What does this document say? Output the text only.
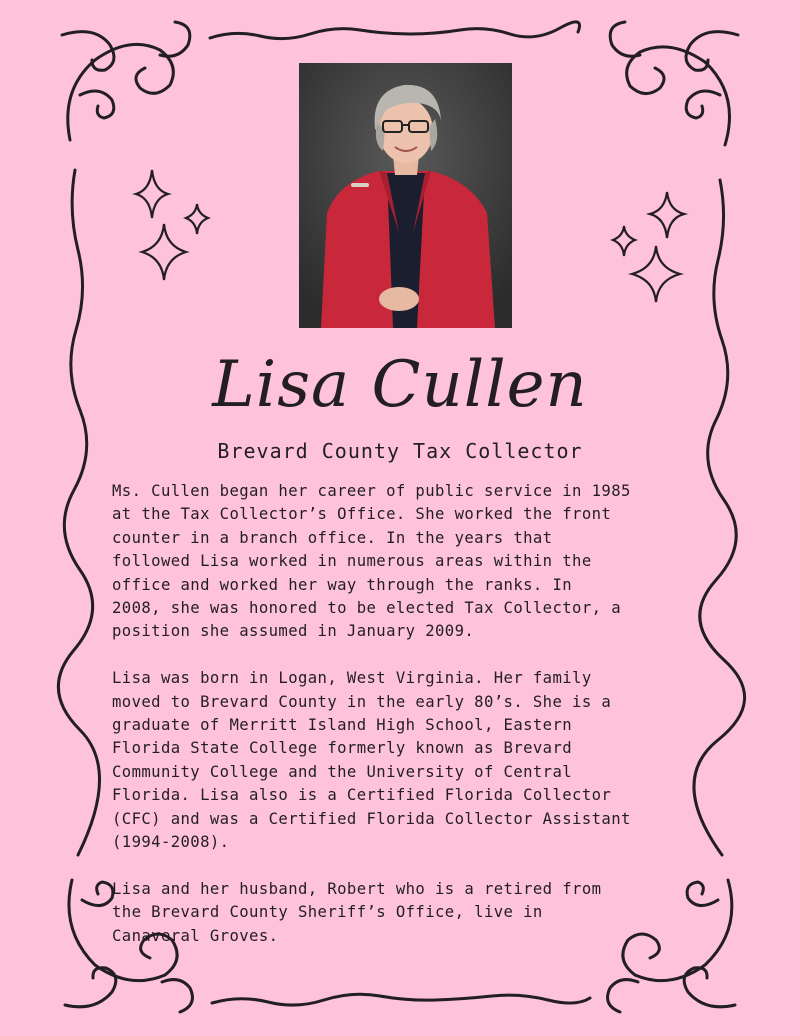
Lisa Cullen
Brevard County Tax Collector

Ms. Cullen began her career of public service in 1985
at the Tax Collector’s Office. She worked the front
counter in a branch office. In the years that
followed Lisa worked in numerous areas within the
office and worked her way through the ranks. In
2008, she was honored to be elected Tax Collector, a
position she assumed in January 2009.

Lisa was born in Logan, West Virginia. Her family
moved to Brevard County in the early 80’s. She is a
graduate of Merritt Island High School, Eastern
Florida State College formerly known as Brevard
Community College and the University of Central
Florida. Lisa also is a Certified Florida Collector
(CFC) and was a Certified Florida Collector Assistant
(1994-2008).

Lisa and her husband, Robert who is a retired from
the Brevard County Sheriff’s Office, live in
Canaveral Groves.
